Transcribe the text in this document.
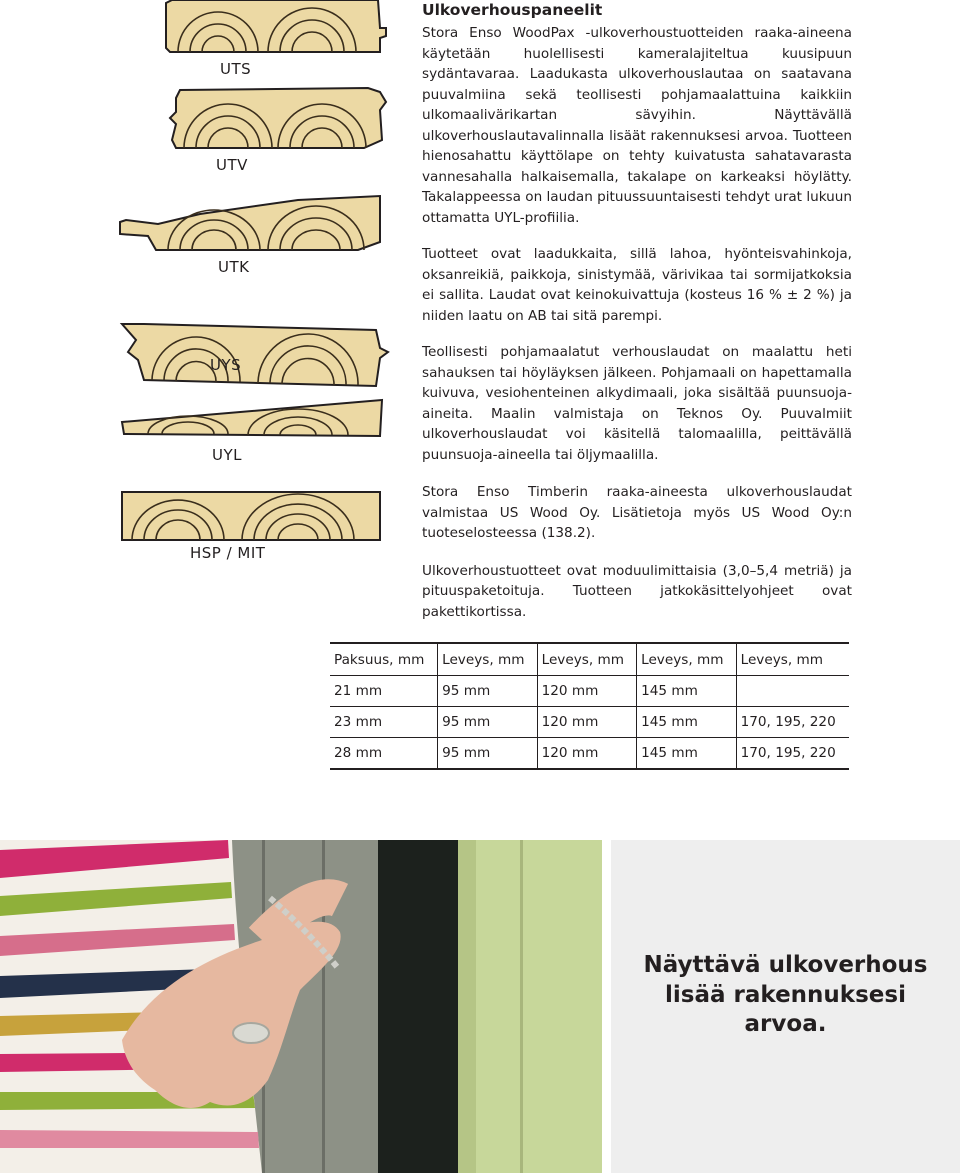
UTS
UTV
UTK
UYS
UYL
HSP / MIT
Ulkoverhouspaneelit

Stora Enso WoodPax -ulkoverhoustuotteiden raaka-aineena käytetään huolellisesti kameralajiteltua kuusipuun sydäntavaraa. Laadukasta ulkoverhouslautaa on saatavana puuvalmiina sekä teollisesti pohjamaalattuina kaikkiin ulkomaalivärikartan sävyihin. Näyttävällä ulkoverhouslautavalinnalla lisäät rakennuksesi arvoa. Tuotteen hienosahattu käyttölape on tehty kuivatusta sahatavarasta vannesahalla halkaisemalla, takalape on karkeaksi höylätty. Takalappeessa on laudan pituussuuntaisesti tehdyt urat lukuun ottamatta UYL-profiilia.

Tuotteet ovat laadukkaita, sillä lahoa, hyönteisvahinkoja, oksanreikiä, paikkoja, sinistymää, värivikaa tai sormijatkoksia ei sallita. Laudat ovat keinokuivattuja (kosteus 16 % ± 2 %) ja niiden laatu on AB tai sitä parempi.

Teollisesti pohjamaalatut verhouslaudat on maalattu heti sahauksen tai höyläyksen jälkeen. Pohjamaali on hapettamalla kuivuva, vesiohenteinen alkydimaali, joka sisältää puunsuoja-aineita. Maalin valmistaja on Teknos Oy. Puuvalmiit ulkoverhouslaudat voi käsitellä talomaalilla, peittävällä puunsuoja-aineella tai öljymaalilla.

Stora Enso Timberin raaka-aineesta ulkoverhouslaudat valmistaa US Wood Oy. Lisätietoja myös US Wood Oy:n tuoteselosteessa (138.2).

Ulkoverhoustuotteet ovat moduulimittaisia (3,0–5,4 metriä) ja pituuspaketoituja. Tuotteen jatkokäsittelyohjeet ovat pakettikortissa.

Paksuus, mm	Leveys, mm	Leveys, mm	Leveys, mm	Leveys, mm
21 mm	95 mm	120 mm	145 mm	
23 mm	95 mm	120 mm	145 mm	170, 195, 220
28 mm	95 mm	120 mm	145 mm	170, 195, 220
Näyttävä ulkoverhous
lisää rakennuksesi
arvoa.
